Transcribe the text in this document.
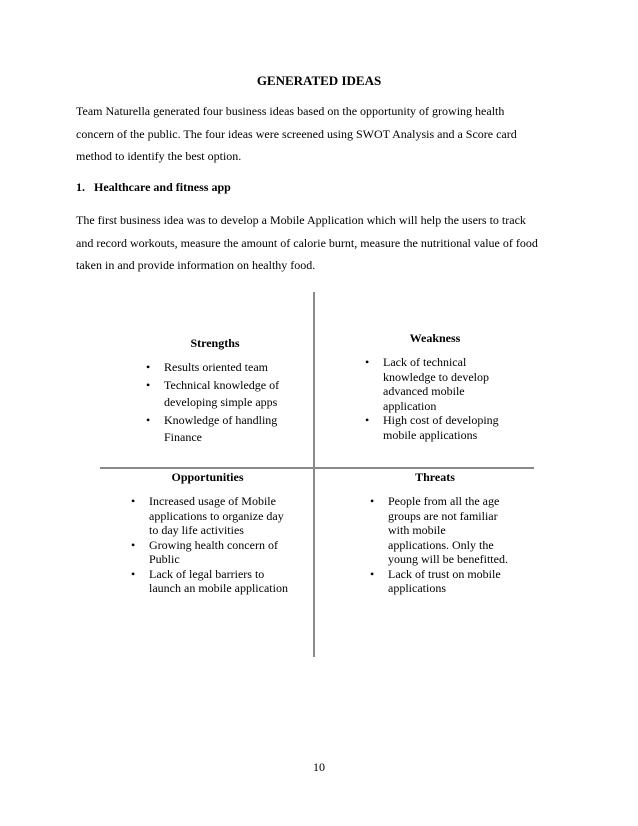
GENERATED IDEAS
Team Naturella generated four business ideas based on the opportunity of growing health
concern of the public. The four ideas were screened using SWOT Analysis and a Score card
method to identify the best option.
1. Healthcare and fitness app
The first business idea was to develop a Mobile Application which will help the users to track
and record workouts, measure the amount of calorie burnt, measure the nutritional value of food
taken in and provide information on healthy food.
Strengths
• Results oriented team
• Technical knowledge of
developing simple apps
• Knowledge of handling
Finance
Weakness
• Lack of technical
knowledge to develop
advanced mobile
application
• High cost of developing
mobile applications
Opportunities
• Increased usage of Mobile
applications to organize day
to day life activities
• Growing health concern of
Public
• Lack of legal barriers to
launch an mobile application
Threats
• People from all the age
groups are not familiar
with mobile
applications. Only the
young will be benefitted.
• Lack of trust on mobile
applications
10
